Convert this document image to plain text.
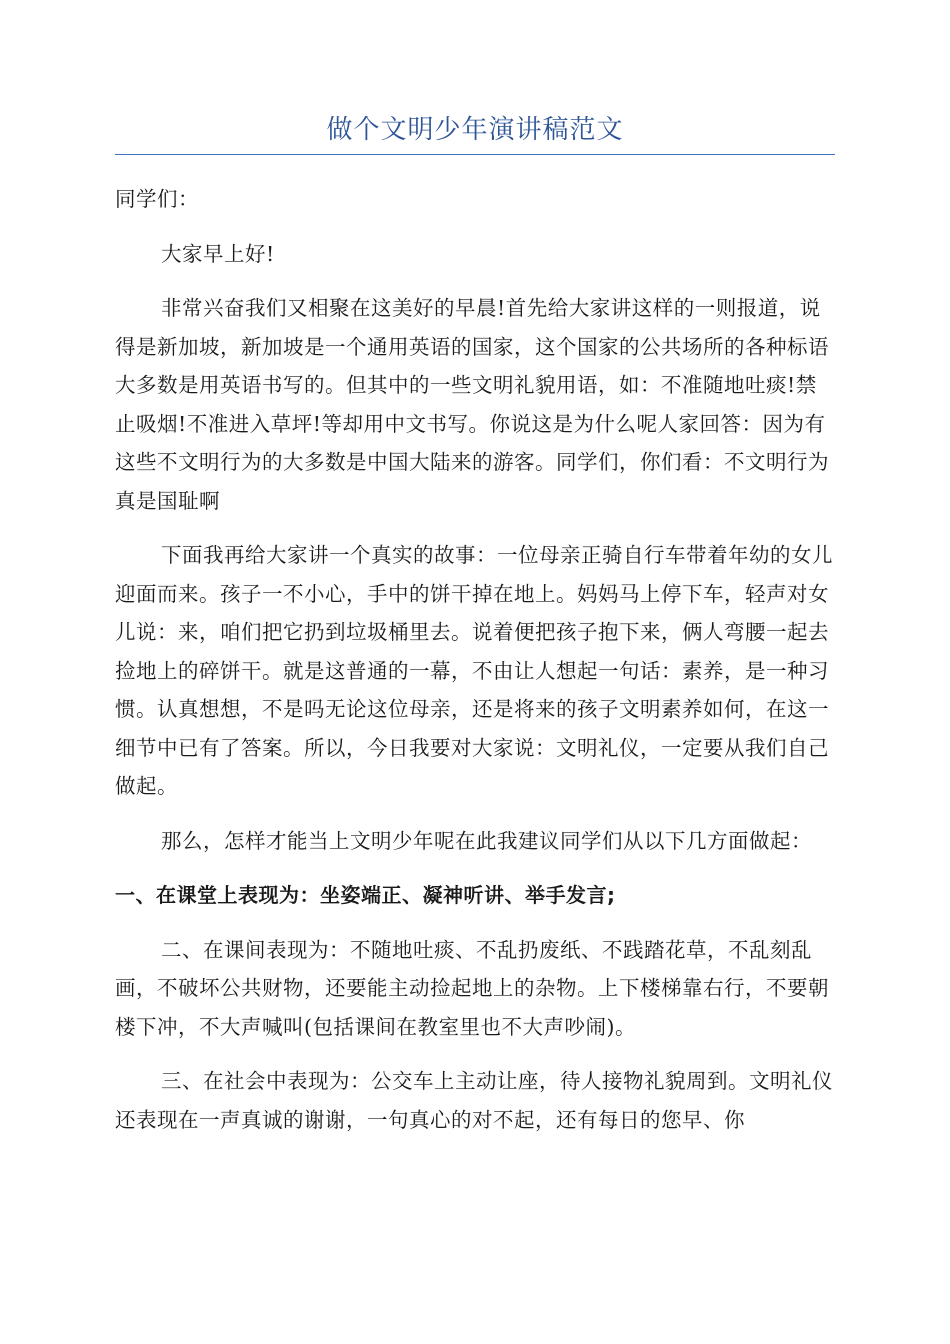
做个文明少年演讲稿范文

同学们：

大家早上好!

非常兴奋我们又相聚在这美好的早晨!首先给大家讲这样的一则报道，说得是新加坡，新加坡是一个通用英语的国家，这个国家的公共场所的各种标语大多数是用英语书写的。但其中的一些文明礼貌用语，如：不准随地吐痰!禁止吸烟!不准进入草坪!等却用中文书写。你说这是为什么呢人家回答：因为有这些不文明行为的大多数是中国大陆来的游客。同学们，你们看：不文明行为真是国耻啊

下面我再给大家讲一个真实的故事：一位母亲正骑自行车带着年幼的女儿迎面而来。孩子一不小心，手中的饼干掉在地上。妈妈马上停下车，轻声对女儿说：来，咱们把它扔到垃圾桶里去。说着便把孩子抱下来，俩人弯腰一起去捡地上的碎饼干。就是这普通的一幕，不由让人想起一句话：素养，是一种习惯。认真想想，不是吗无论这位母亲，还是将来的孩子文明素养如何，在这一细节中已有了答案。所以，今日我要对大家说：文明礼仪，一定要从我们自己做起。

那么，怎样才能当上文明少年呢在此我建议同学们从以下几方面做起：

一、在课堂上表现为：坐姿端正、凝神听讲、举手发言;

二、在课间表现为：不随地吐痰、不乱扔废纸、不践踏花草，不乱刻乱画，不破坏公共财物，还要能主动捡起地上的杂物。上下楼梯靠右行，不要朝楼下冲，不大声喊叫(包括课间在教室里也不大声吵闹)。

三、在社会中表现为：公交车上主动让座，待人接物礼貌周到。文明礼仪还表现在一声真诚的谢谢，一句真心的对不起，还有每日的您早、你
